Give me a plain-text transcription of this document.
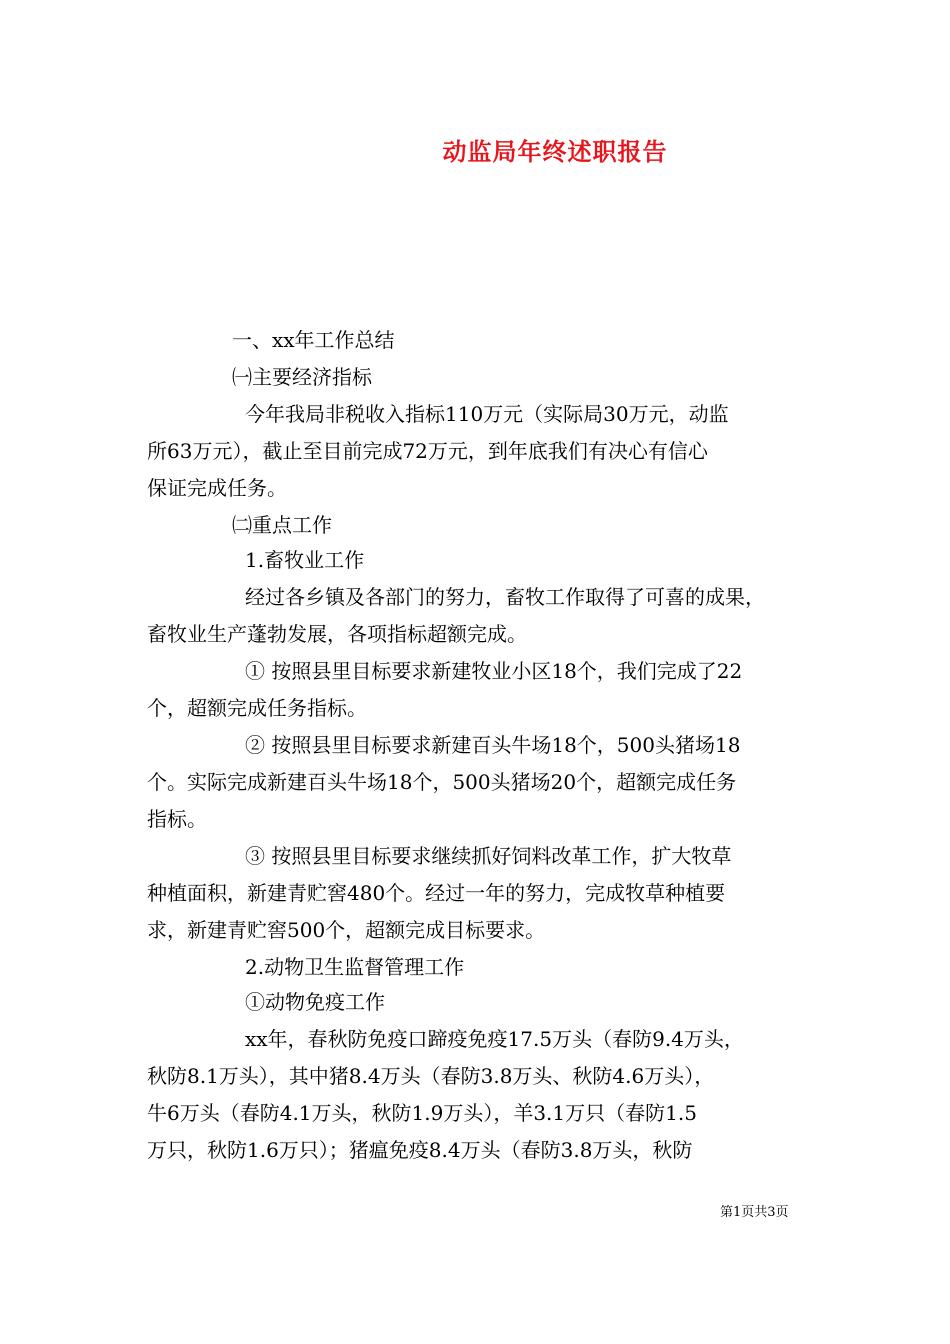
动监局年终述职报告
一、xx年工作总结
㈠主要经济指标
今年我局非税收入指标110万元（实际局30万元，动监
所63万元），截止至目前完成72万元，到年底我们有决心有信心
保证完成任务。
㈡重点工作
1.畜牧业工作
经过各乡镇及各部门的努力，畜牧工作取得了可喜的成果，
畜牧业生产蓬勃发展，各项指标超额完成。
① 按照县里目标要求新建牧业小区18个，我们完成了22
个，超额完成任务指标。
② 按照县里目标要求新建百头牛场18个，500头猪场18
个。实际完成新建百头牛场18个，500头猪场20个，超额完成任务
指标。
③ 按照县里目标要求继续抓好饲料改革工作，扩大牧草
种植面积，新建青贮窖480个。经过一年的努力，完成牧草种植要
求，新建青贮窖500个，超额完成目标要求。
2.动物卫生监督管理工作
①动物免疫工作
xx年，春秋防免疫口蹄疫免疫17.5万头（春防9.4万头，
秋防8.1万头），其中猪8.4万头（春防3.8万头、秋防4.6万头），
牛6万头（春防4.1万头，秋防1.9万头），羊3.1万只（春防1.5
万只，秋防1.6万只）；猪瘟免疫8.4万头（春防3.8万头，秋防
第1页共3页
